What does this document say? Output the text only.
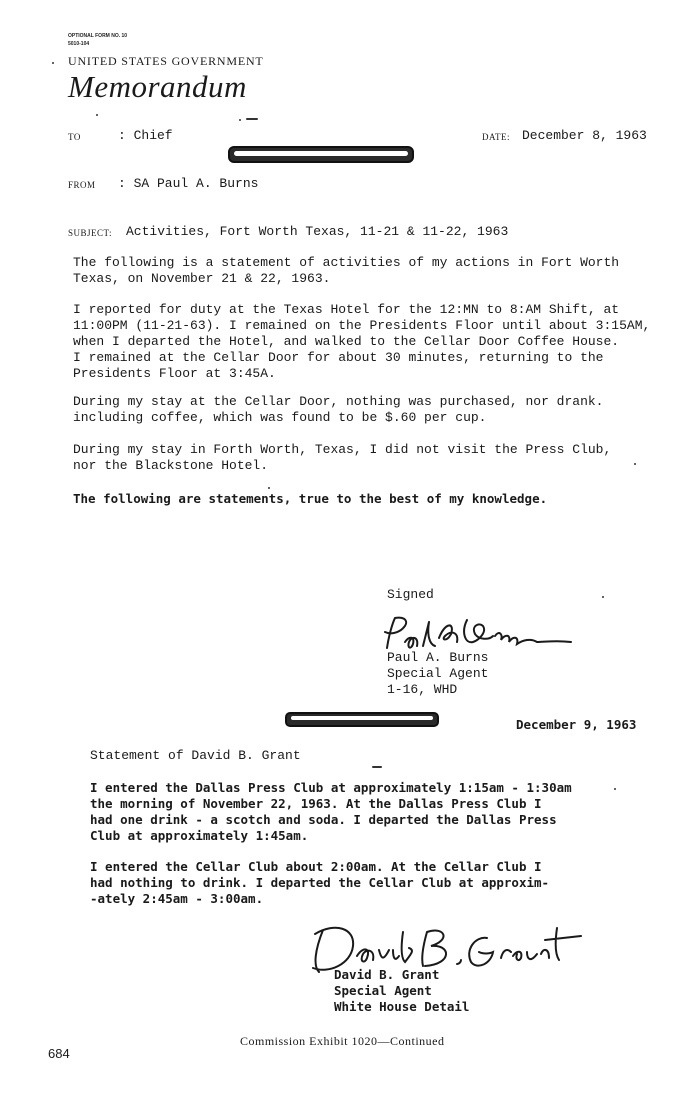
OPTIONAL FORM NO. 10
5010-104
UNITED STATES GOVERNMENT
Memorandum
TO	: Chief	DATE: December 8, 1963
FROM : SA Paul A. Burns
SUBJECT: Activities, Fort Worth Texas, 11-21 & 11-22, 1963
The following is a statement of activities of my actions in Fort Worth
Texas, on November 21 & 22, 1963.
I reported for duty at the Texas Hotel for the 12:MN to 8:AM Shift, at
11:00PM (11-21-63). I remained on the Presidents Floor until about 3:15AM,
when I departed the Hotel, and walked to the Cellar Door Coffee House.
I remained at the Cellar Door for about 30 minutes, returning to the
Presidents Floor at 3:45A.
During my stay at the Cellar Door, nothing was purchased, nor drank.
including coffee, which was found to be $.60 per cup.
During my stay in Forth Worth, Texas, I did not visit the Press Club,
nor the Blackstone Hotel.
The following are statements, true to the best of my knowledge.
Signed
Paul A. Burns
Special Agent
1-16, WHD
December 9, 1963
Statement of David B. Grant
I entered the Dallas Press Club at approximately 1:15am - 1:30am
the morning of November 22, 1963. At the Dallas Press Club I
had one drink - a scotch and soda. I departed the Dallas Press
Club at approximately 1:45am.
I entered the Cellar Club about 2:00am. At the Cellar Club I
had nothing to drink. I departed the Cellar Club at approxim-
-ately 2:45am - 3:00am.
David B. Grant
Special Agent
White House Detail
684
Commission Exhibit 1020—Continued
